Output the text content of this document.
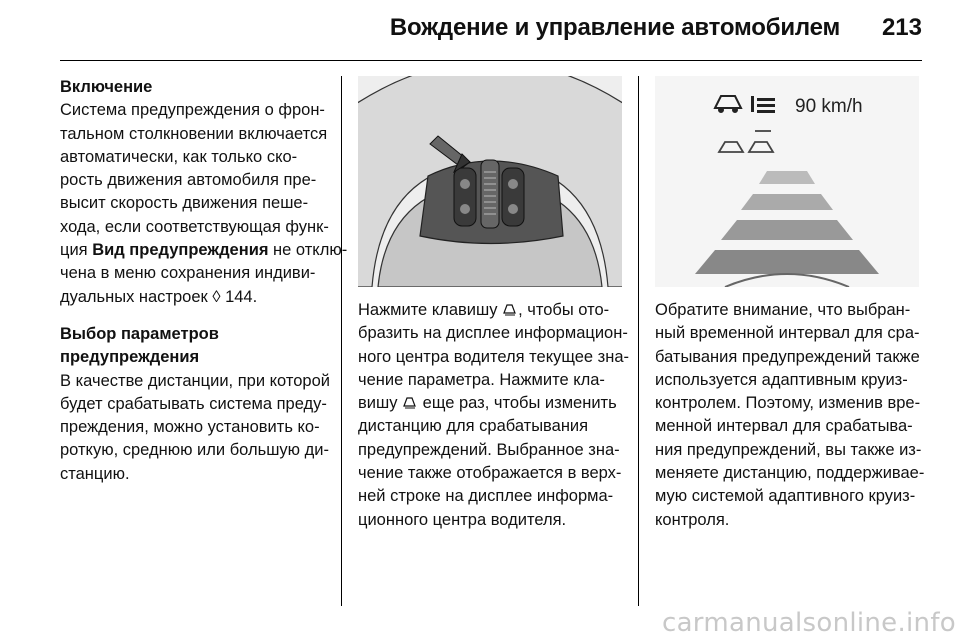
Вождение и управление автомобилем 213
Включение
Система предупреждения о фрон-
тальном столкновении включается
автоматически, как только ско-
рость движения автомобиля пре-
высит скорость движения пеше-
хода, если соответствующая функ-
ция Вид предупреждения не отклю-
чена в меню сохранения индиви-
дуальных настроек ◊ 144.
Выбор параметров
предупреждения
В качестве дистанции, при которой
будет срабатывать система преду-
преждения, можно установить ко-
роткую, среднюю или большую ди-
станцию.
90 km/h
Нажмите клавишу , чтобы ото-
бразить на дисплее информацион-
ного центра водителя текущее зна-
чение параметра. Нажмите кла-
вишу  еще раз, чтобы изменить
дистанцию для срабатывания
предупреждений. Выбранное зна-
чение также отображается в верх-
ней строке на дисплее информа-
ционного центра водителя.
Обратите внимание, что выбран-
ный временной интервал для сра-
батывания предупреждений также
используется адаптивным круиз-
контролем. Поэтому, изменив вре-
менной интервал для срабатыва-
ния предупреждений, вы также из-
меняете дистанцию, поддерживае-
мую системой адаптивного круиз-
контроля.
carmanualsonline.info
